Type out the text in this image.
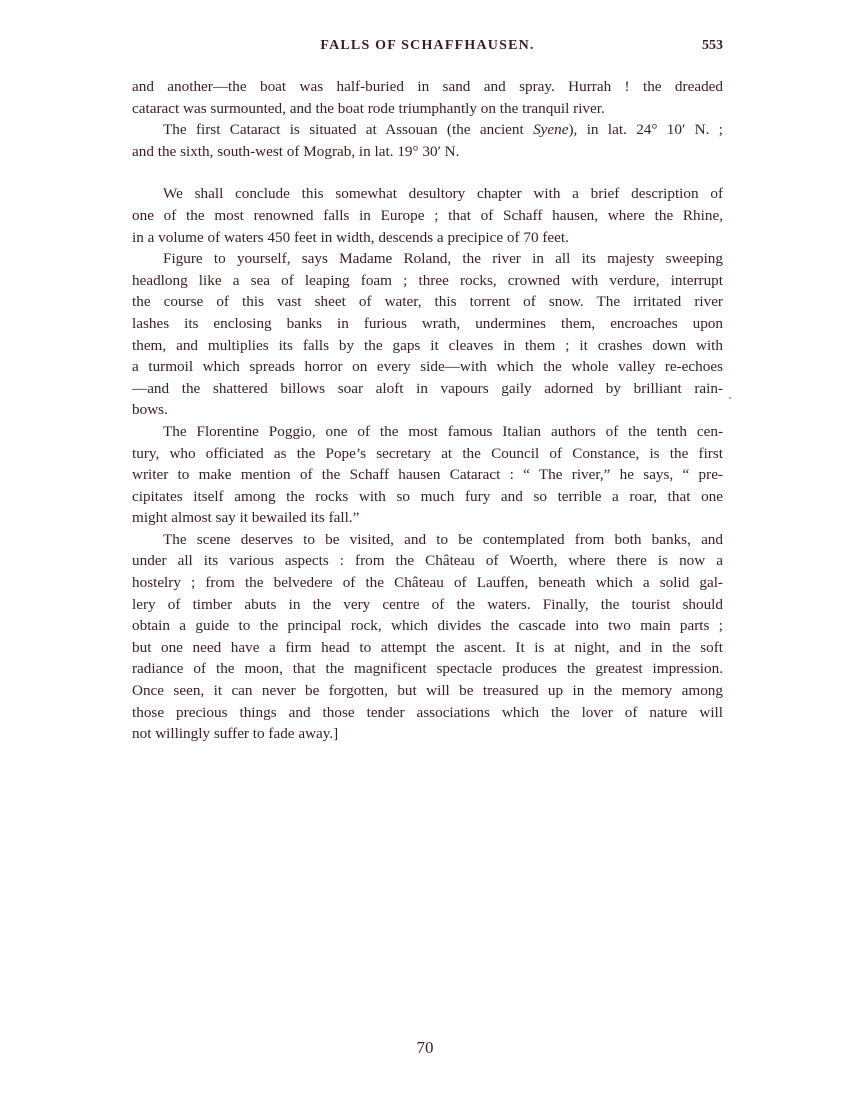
FALLS OF SCHAFFHAUSEN.	553

and another—the boat was half-buried in sand and spray. Hurrah ! the dreaded
cataract was surmounted, and the boat rode triumphantly on the tranquil river.

The first Cataract is situated at Assouan (the ancient Syene), in lat. 24° 10′ N. ;
and the sixth, south-west of Mograb, in lat. 19° 30′ N.

We shall conclude this somewhat desultory chapter with a brief description of
one of the most renowned falls in Europe ; that of Schaff hausen, where the Rhine,
in a volume of waters 450 feet in width, descends a precipice of 70 feet.

Figure to yourself, says Madame Roland, the river in all its majesty sweeping
headlong like a sea of leaping foam ; three rocks, crowned with verdure, interrupt
the course of this vast sheet of water, this torrent of snow. The irritated river
lashes its enclosing banks in furious wrath, undermines them, encroaches upon
them, and multiplies its falls by the gaps it cleaves in them ; it crashes down with
a turmoil which spreads horror on every side—with which the whole valley re-echoes
—and the shattered billows soar aloft in vapours gaily adorned by brilliant rain-
bows.

The Florentine Poggio, one of the most famous Italian authors of the tenth cen-
tury, who officiated as the Pope’s secretary at the Council of Constance, is the first
writer to make mention of the Schaff hausen Cataract : “ The river,” he says, “ pre-
cipitates itself among the rocks with so much fury and so terrible a roar, that one
might almost say it bewailed its fall.”

The scene deserves to be visited, and to be contemplated from both banks, and
under all its various aspects : from the Château of Woerth, where there is now a
hostelry ; from the belvedere of the Château of Lauffen, beneath which a solid gal-
lery of timber abuts in the very centre of the waters. Finally, the tourist should
obtain a guide to the principal rock, which divides the cascade into two main parts ;
but one need have a firm head to attempt the ascent. It is at night, and in the soft
radiance of the moon, that the magnificent spectacle produces the greatest impression.
Once seen, it can never be forgotten, but will be treasured up in the memory among
those precious things and those tender associations which the lover of nature will
not willingly suffer to fade away.]

70
